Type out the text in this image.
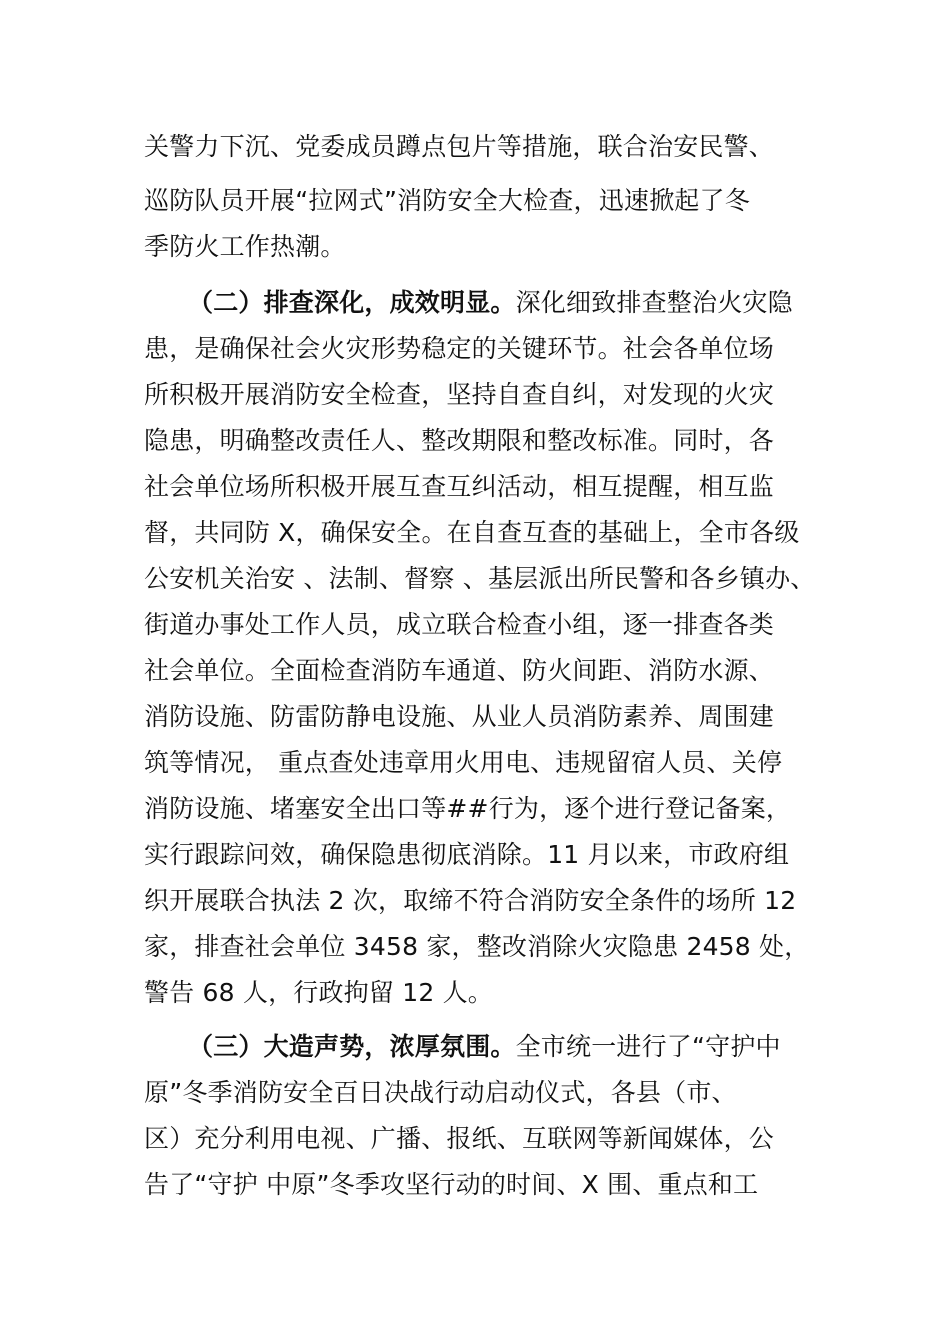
关警力下沉、党委成员蹲点包片等措施，联合治安民警、
巡防队员开展“拉网式”消防安全大检查，迅速掀起了冬
季防火工作热潮。
（二）排查深化，成效明显。深化细致排查整治火灾隐
患，是确保社会火灾形势稳定的关键环节。社会各单位场
所积极开展消防安全检查，坚持自查自纠，对发现的火灾
隐患，明确整改责任人、整改期限和整改标准。同时，各
社会单位场所积极开展互查互纠活动，相互提醒，相互监
督，共同防 X，确保安全。在自查互查的基础上，全市各级
公安机关治安 、法制、督察 、基层派出所民警和各乡镇办、
街道办事处工作人员，成立联合检查小组，逐一排查各类
社会单位。全面检查消防车通道、防火间距、消防水源、
消防设施、防雷防静电设施、从业人员消防素养、周围建
筑等情况， 重点查处违章用火用电、违规留宿人员、关停
消防设施、堵塞安全出口等##行为，逐个进行登记备案，
实行跟踪问效，确保隐患彻底消除。11 月以来，市政府组
织开展联合执法 2 次，取缔不符合消防安全条件的场所 12
家，排查社会单位 3458 家，整改消除火灾隐患 2458 处，
警告 68 人，行政拘留 12 人。
（三）大造声势，浓厚氛围。全市统一进行了“守护中
原”冬季消防安全百日决战行动启动仪式，各县（市、
区）充分利用电视、广播、报纸、互联网等新闻媒体，公
告了“守护 中原”冬季攻坚行动的时间、X 围、重点和工
